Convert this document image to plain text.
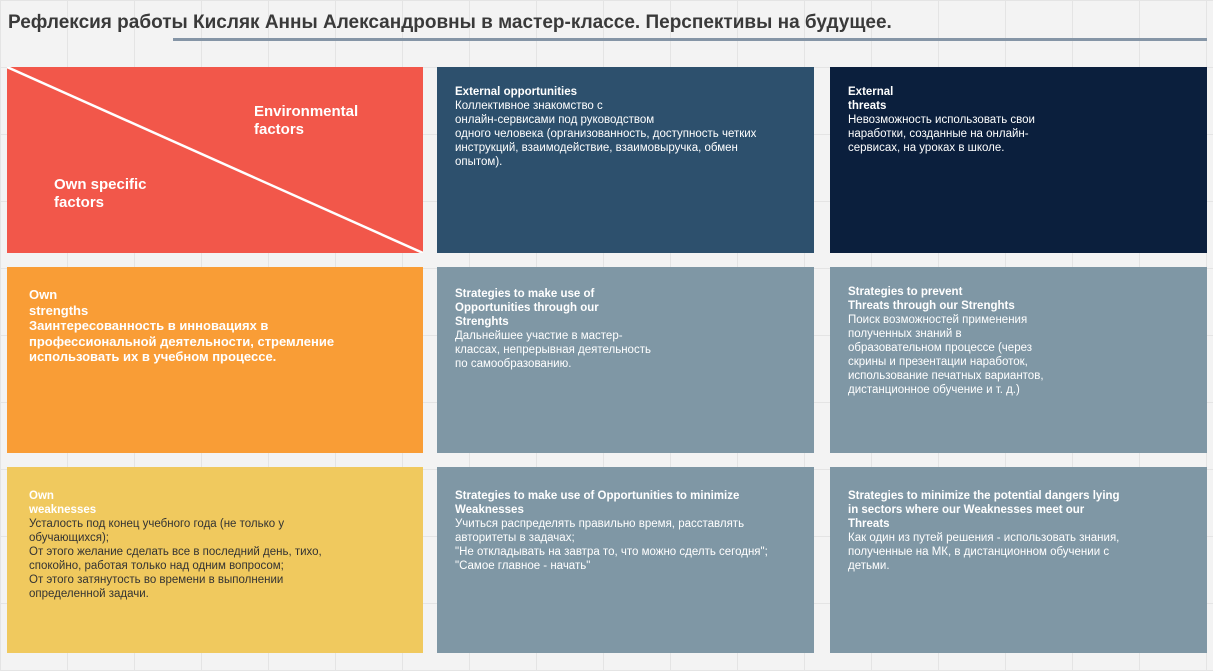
Рефлексия работы Кисляк Анны Александровны в мастер-классе. Перспективы на будущее.
Environmental
factors
Own specific
factors
External opportunities
Коллективное знакомство с
онлайн-сервисами под руководством
одного человека (организованность, доступность четких
инструкций, взаимодействие, взаимовыручка, обмен
опытом).
External
threats
Невозможность использовать свои
наработки, созданные на онлайн-
сервисах, на уроках в школе.
Own
strengths
Заинтересованность в инновациях в
профессиональной деятельности, стремление
использовать их в учебном процессе.
Strategies to make use of
Opportunities through our
Strenghts
Дальнейшее участие в мастер-
классах, непрерывная деятельность
по самообразованию.
Strategies to prevent
Threats through our Strenghts
Поиск возможностей применения
полученных знаний в
образовательном процессе (через
скрины и презентации наработок,
использование печатных вариантов,
дистанционное обучение и т. д.)
Own
weaknesses
Усталость под конец учебного года (не только у
обучающихся);
От этого желание сделать все в последний день, тихо,
спокойно, работая только над одним вопросом;
От этого затянутость во времени в выполнении
определенной задачи.
Strategies to make use of Opportunities to minimize
Weaknesses
Учиться распределять правильно время, расставлять
авторитеты в задачах;
"Не откладывать на завтра то, что можно сделть сегодня";
"Самое главное - начать"
Strategies to minimize the potential dangers lying
in sectors where our Weaknesses meet our
Threats
Как один из путей решения - использовать знания,
полученные на МК, в дистанционном обучении с
детьми.
